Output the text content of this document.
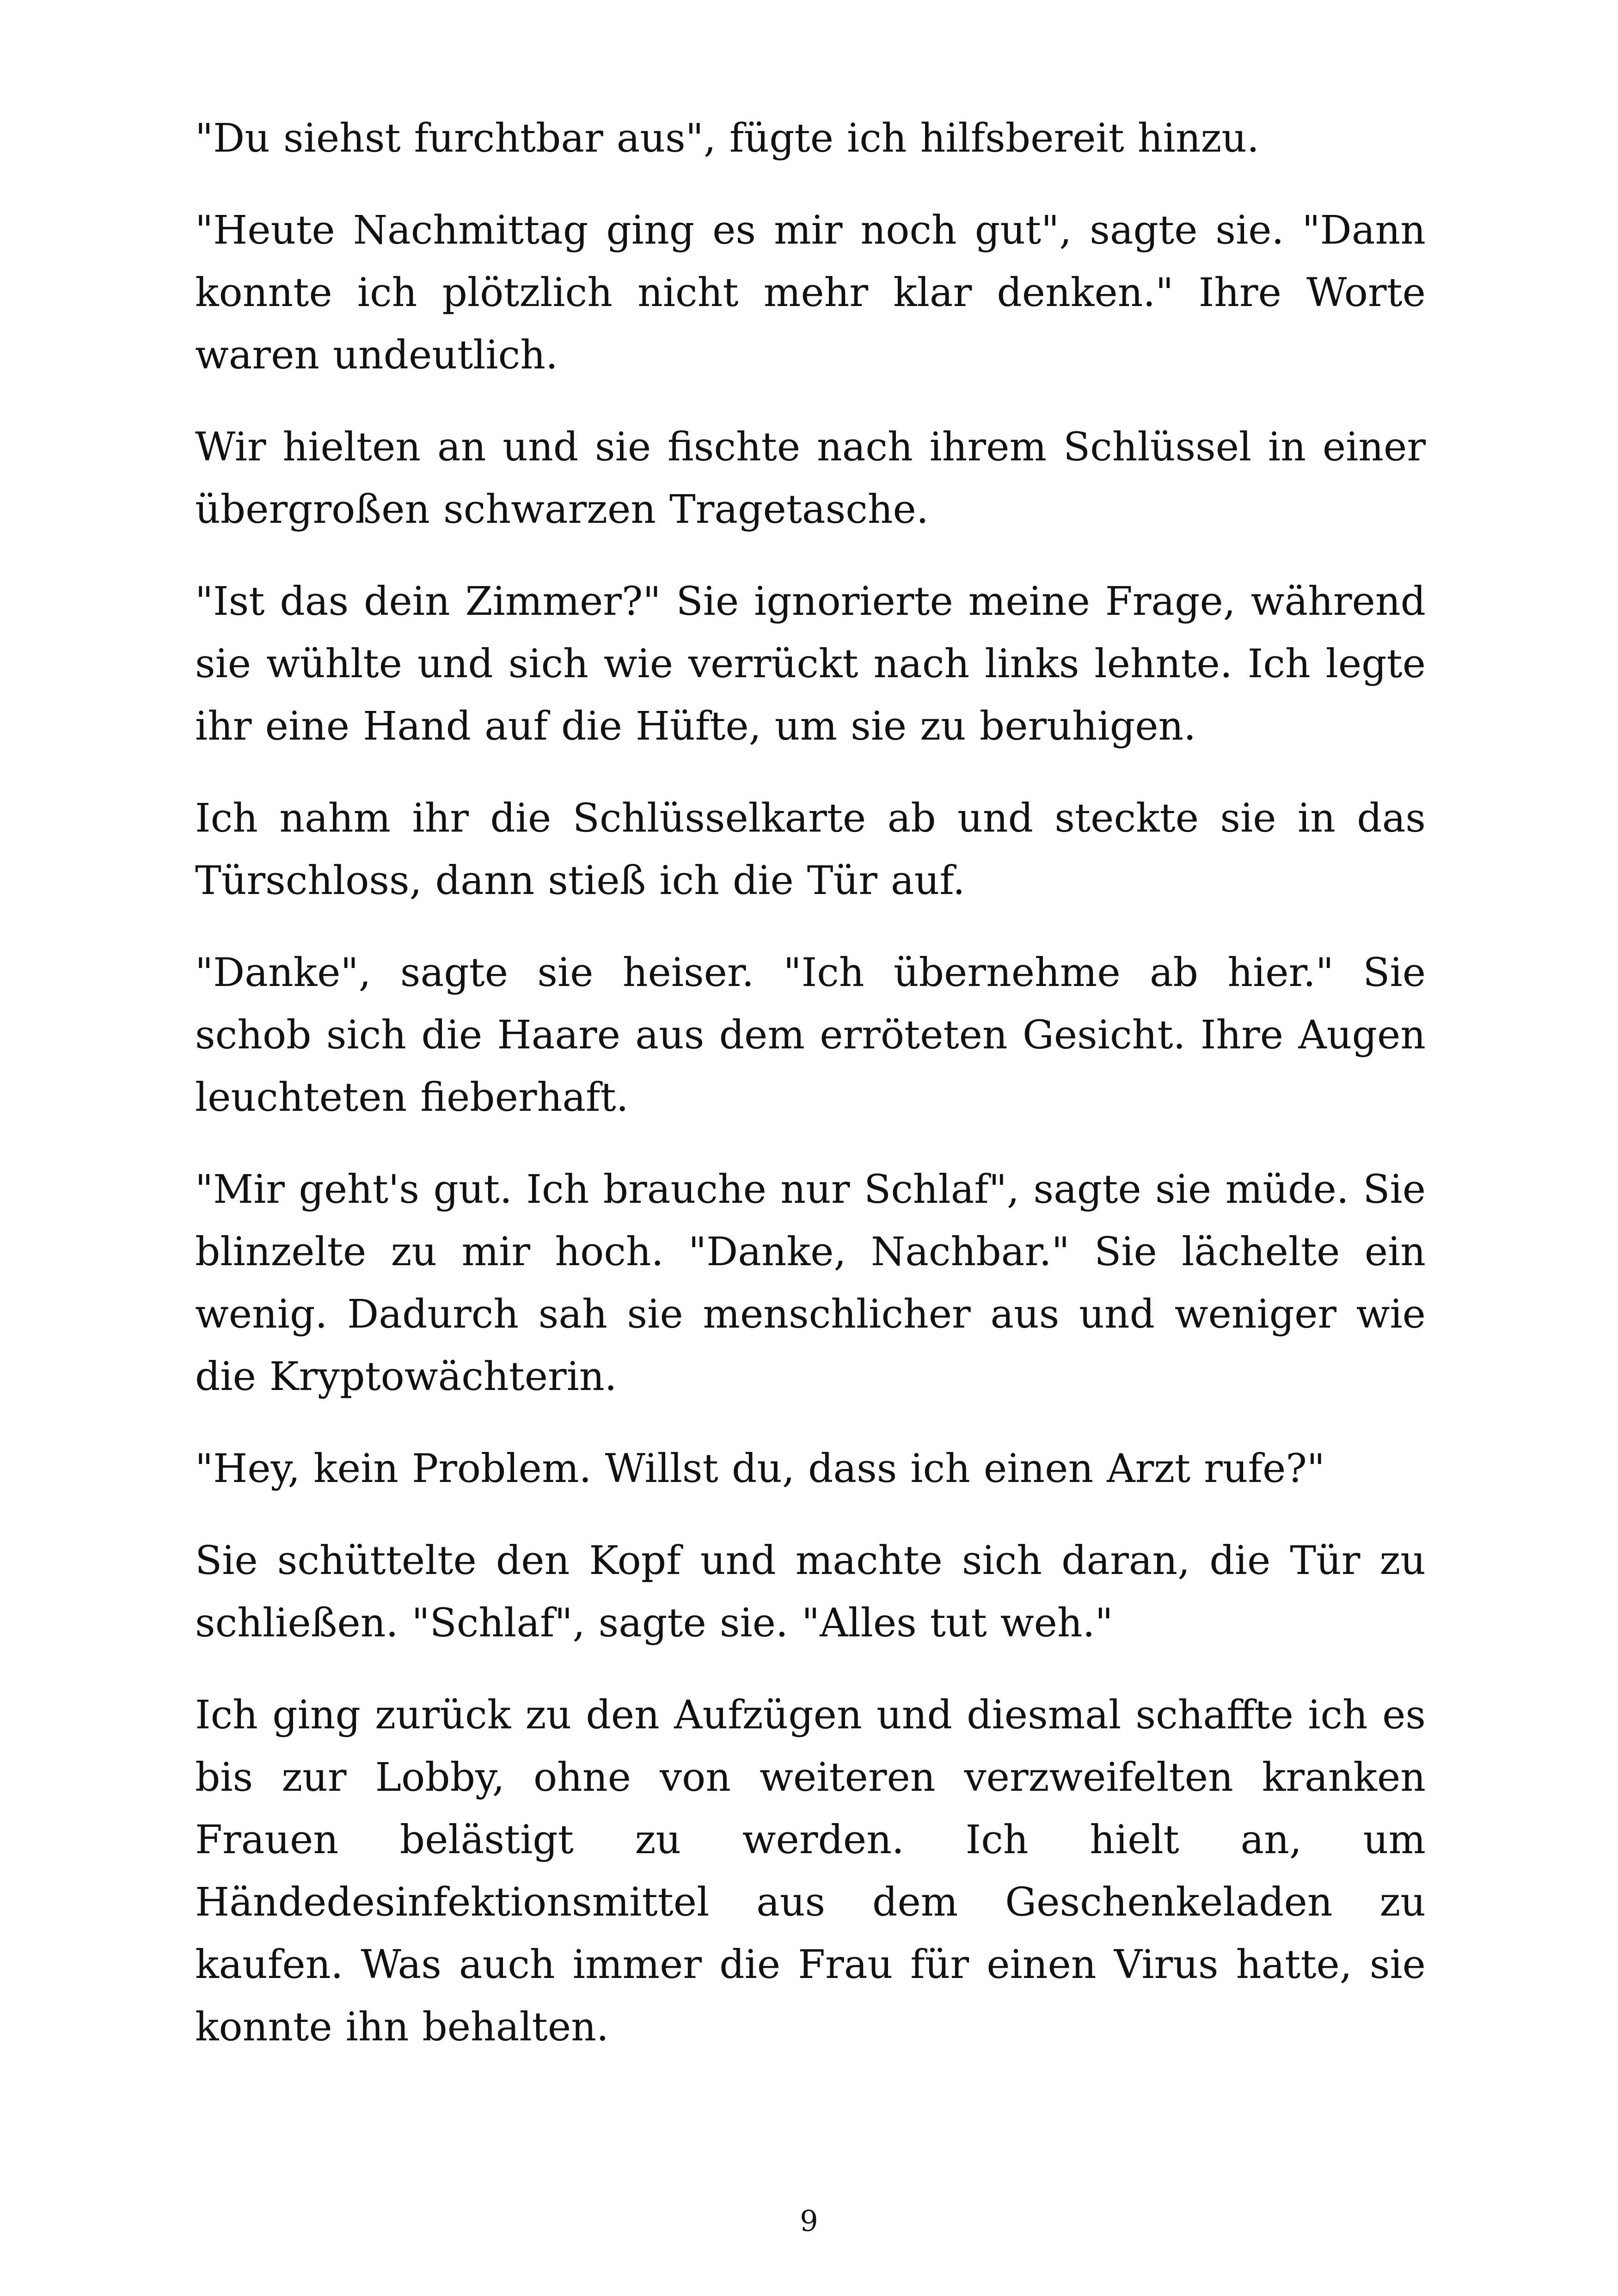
"Du siehst furchtbar aus", fügte ich hilfsbereit hinzu.

"Heute Nachmittag ging es mir noch gut", sagte sie. "Dann konnte ich plötzlich nicht mehr klar denken." Ihre Worte waren undeutlich.

Wir hielten an und sie fischte nach ihrem Schlüssel in einer übergroßen schwarzen Tragetasche.

"Ist das dein Zimmer?" Sie ignorierte meine Frage, während sie wühlte und sich wie verrückt nach links lehnte. Ich legte ihr eine Hand auf die Hüfte, um sie zu beruhigen.

Ich nahm ihr die Schlüsselkarte ab und steckte sie in das Türschloss, dann stieß ich die Tür auf.

"Danke", sagte sie heiser. "Ich übernehme ab hier." Sie schob sich die Haare aus dem erröteten Gesicht. Ihre Augen leuchteten fieberhaft.

"Mir geht's gut. Ich brauche nur Schlaf", sagte sie müde. Sie blinzelte zu mir hoch. "Danke, Nachbar." Sie lächelte ein wenig. Dadurch sah sie menschlicher aus und weniger wie die Kryptowächterin.

"Hey, kein Problem. Willst du, dass ich einen Arzt rufe?"

Sie schüttelte den Kopf und machte sich daran, die Tür zu schließen. "Schlaf", sagte sie. "Alles tut weh."

Ich ging zurück zu den Aufzügen und diesmal schaffte ich es bis zur Lobby, ohne von weiteren verzweifelten kranken Frauen belästigt zu werden. Ich hielt an, um Händedesinfektionsmittel aus dem Geschenkeladen zu kaufen. Was auch immer die Frau für einen Virus hatte, sie konnte ihn behalten.

9
